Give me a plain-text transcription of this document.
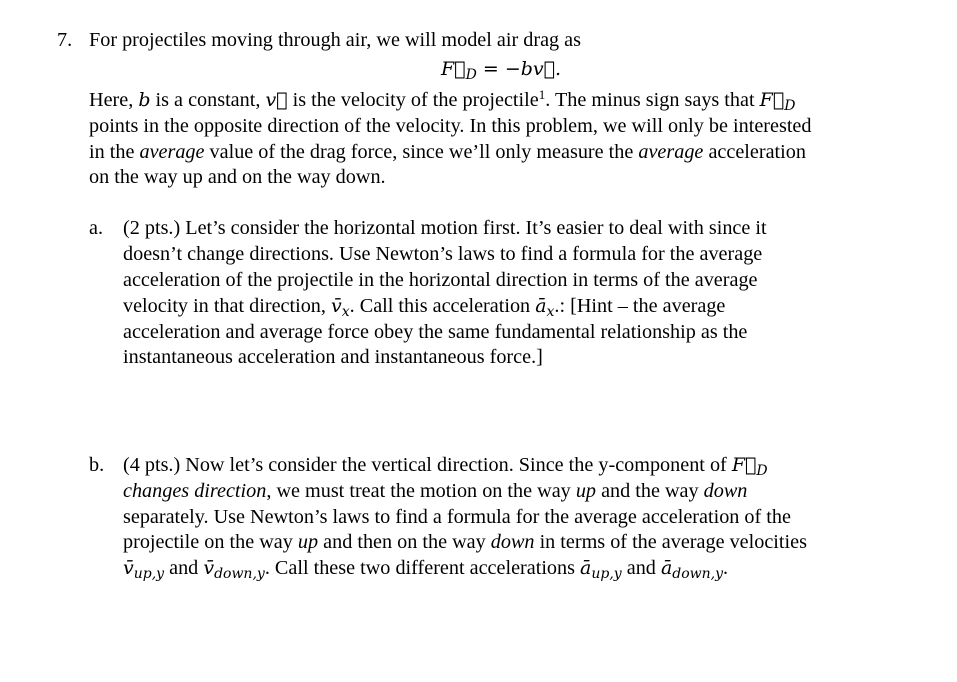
7. For projectiles moving through air, we will model air drag as
F⃗D = −bv⃗.
Here, b is a constant, v⃗ is the velocity of the projectile$^1$. The minus sign says that F⃗D
points in the opposite direction of the velocity. In this problem, we will only be interested
in the average value of the drag force, since we’ll only measure the average acceleration
on the way up and on the way down.
a. (2 pts.) Let’s consider the horizontal motion first. It’s easier to deal with since it
doesn’t change directions. Use Newton’s laws to find a formula for the average
acceleration of the projectile in the horizontal direction in terms of the average
velocity in that direction, v̄x. Call this acceleration āx.: [Hint – the average
acceleration and average force obey the same fundamental relationship as the
instantaneous acceleration and instantaneous force.]
b. (4 pts.) Now let’s consider the vertical direction. Since the y-component of F⃗D
changes direction, we must treat the motion on the way up and the way down
separately. Use Newton’s laws to find a formula for the average acceleration of the
projectile on the way up and then on the way down in terms of the average velocities
v̄up,y and v̄down,y. Call these two different accelerations āup,y and ādown,y.
